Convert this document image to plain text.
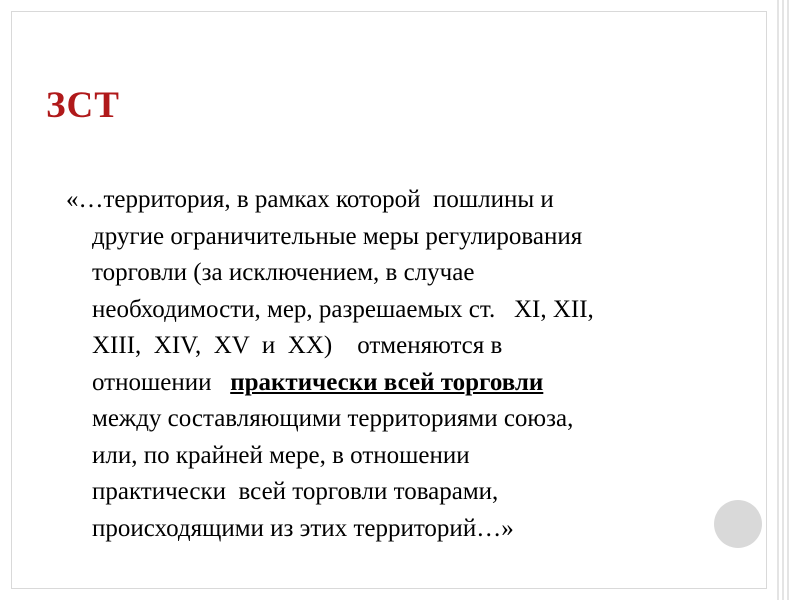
ЗСТ
«…территория, в рамках которой  пошлины и
другие ограничительные меры регулирования
торговли (за исключением, в случае
необходимости, мер, разрешаемых ст.   XI, XII,
XIII,  XIV,  XV  и  XX)    отменяются в
отношении   практически всей торговли
между составляющими территориями союза,
или, по крайней мере, в отношении
практически  всей торговли товарами,
происходящими из этих территорий…»
